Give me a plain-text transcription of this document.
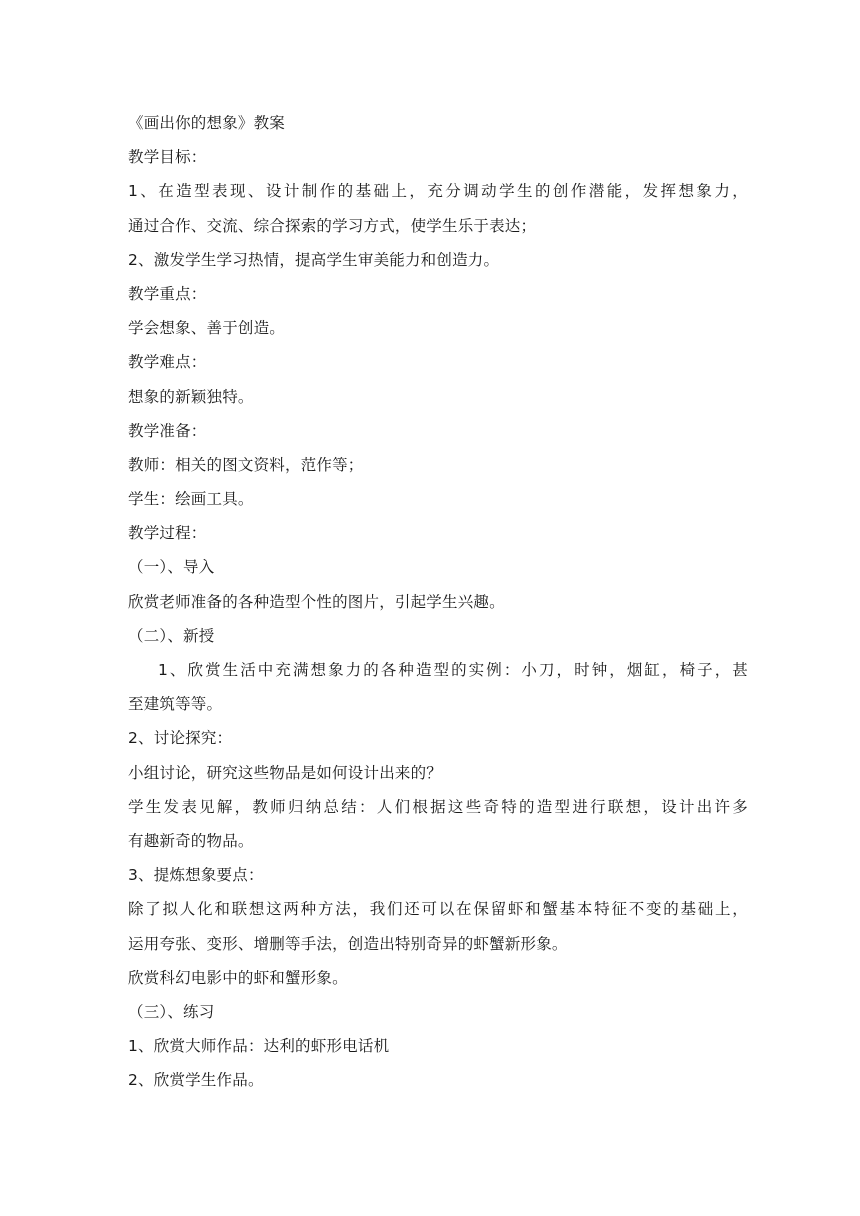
《画出你的想象》教案
教学目标：
1、在造型表现、设计制作的基础上，充分调动学生的创作潜能，发挥想象力，
通过合作、交流、综合探索的学习方式，使学生乐于表达；
2、激发学生学习热情，提高学生审美能力和创造力。
教学重点：
学会想象、善于创造。
教学难点：
想象的新颖独特。
教学准备：
教师：相关的图文资料，范作等；
学生：绘画工具。
教学过程：
（一）、导入
欣赏老师准备的各种造型个性的图片，引起学生兴趣。
（二）、新授
1、欣赏生活中充满想象力的各种造型的实例：小刀，时钟，烟缸，椅子，甚
至建筑等等。
2、讨论探究：
小组讨论，研究这些物品是如何设计出来的？
学生发表见解，教师归纳总结：人们根据这些奇特的造型进行联想，设计出许多
有趣新奇的物品。
3、提炼想象要点：
除了拟人化和联想这两种方法，我们还可以在保留虾和蟹基本特征不变的基础上，
运用夸张、变形、增删等手法，创造出特别奇异的虾蟹新形象。
欣赏科幻电影中的虾和蟹形象。
（三）、练习
1、欣赏大师作品：达利的虾形电话机
2、欣赏学生作品。
